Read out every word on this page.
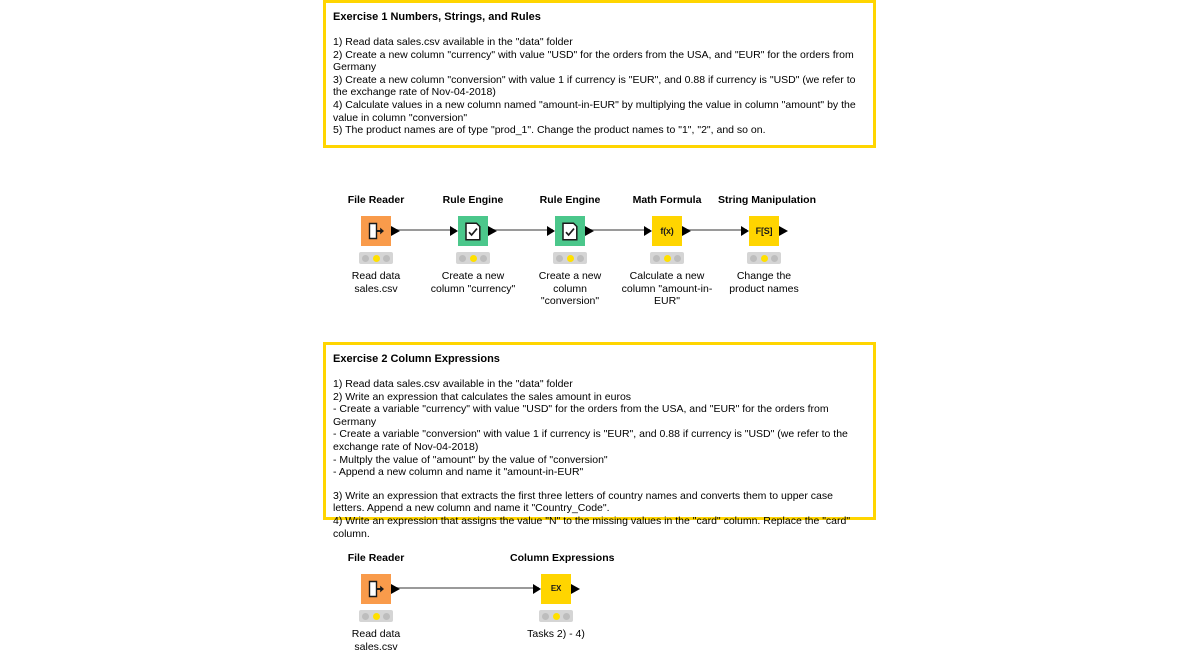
Exercise 1 Numbers, Strings, and Rules

1) Read data sales.csv available in the "data" folder

2) Create a new column "currency" with value "USD" for the orders from the USA, and "EUR" for the orders from Germany

3) Create a new column "conversion" with value 1 if currency is "EUR", and 0.88 if currency is "USD" (we refer to the exchange rate of Nov-04-2018)

4) Calculate values in a new column named "amount-in-EUR" by multiplying the value in column "amount" by the value in column "conversion"

5) The product names are of type "prod_1". Change the product names to "1", "2", and so on.

File Reader
Read data sales.csv
Rule Engine
Create a new column "currency"
Rule Engine
Create a new column "conversion"
Math Formula
f(x)
Calculate a new column "amount-in-EUR"
String Manipulation
F[S]
Change the product names
Exercise 2 Column Expressions

1) Read data sales.csv available in the "data" folder

2) Write an expression that calculates the sales amount in euros

- Create a variable "currency" with value "USD" for the orders from the USA, and "EUR" for the orders from Germany

- Create a variable "conversion" with value 1 if currency is "EUR", and 0.88 if currency is "USD" (we refer to the exchange rate of Nov-04-2018)

- Multply the value of "amount" by the value of "conversion"

- Append a new column and name it "amount-in-EUR"

3) Write an expression that extracts the first three letters of country names and converts them to upper case letters. Append a new column and name it "Country_Code".

4) Write an expression that assigns the value "N" to the missing values in the "card" column. Replace the "card" column.

File Reader
Read data sales.csv
Column Expressions
EX
Tasks 2) - 4)
